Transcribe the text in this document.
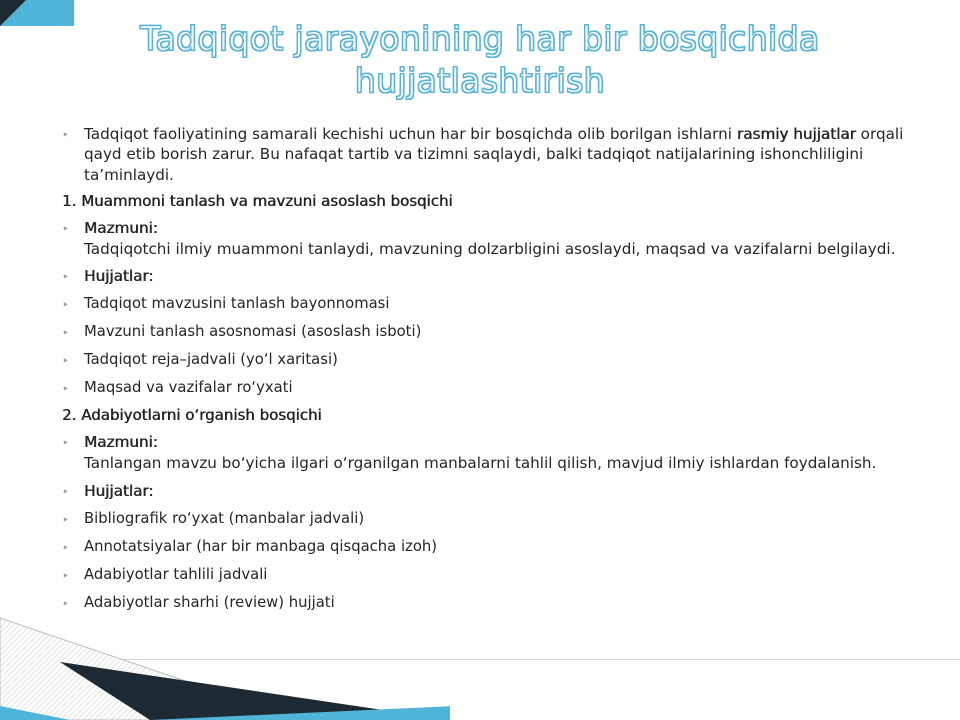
Tadqiqot jarayonining har bir bosqichida hujjatlashtirish
‣ Tadqiqot faoliyatining samarali kechishi uchun har bir bosqichda olib borilgan ishlarni rasmiy hujjatlar orqali qayd etib borish zarur. Bu nafaqat tartib va tizimni saqlaydi, balki tadqiqot natijalarining ishonchliligini ta’minlaydi.
1. Muammoni tanlash va mavzuni asoslash bosqichi
‣ Mazmuni:
Tadqiqotchi ilmiy muammoni tanlaydi, mavzuning dolzarbligini asoslaydi, maqsad va vazifalarni belgilaydi.
‣ Hujjatlar:
‣	Tadqiqot mavzusini tanlash bayonnomasi
‣	Mavzuni tanlash asosnomasi (asoslash isboti)
‣	Tadqiqot reja–jadvali (yo‘l xaritasi)
‣	Maqsad va vazifalar ro‘yxati
2. Adabiyotlarni o‘rganish bosqichi
‣ Mazmuni:
Tanlangan mavzu bo‘yicha ilgari o‘rganilgan manbalarni tahlil qilish, mavjud ilmiy ishlardan foydalanish.
‣ Hujjatlar:
‣	Bibliografik ro‘yxat (manbalar jadvali)
‣	Annotatsiyalar (har bir manbaga qisqacha izoh)
‣	Adabiyotlar tahlili jadvali
‣	Adabiyotlar sharhi (review) hujjati
